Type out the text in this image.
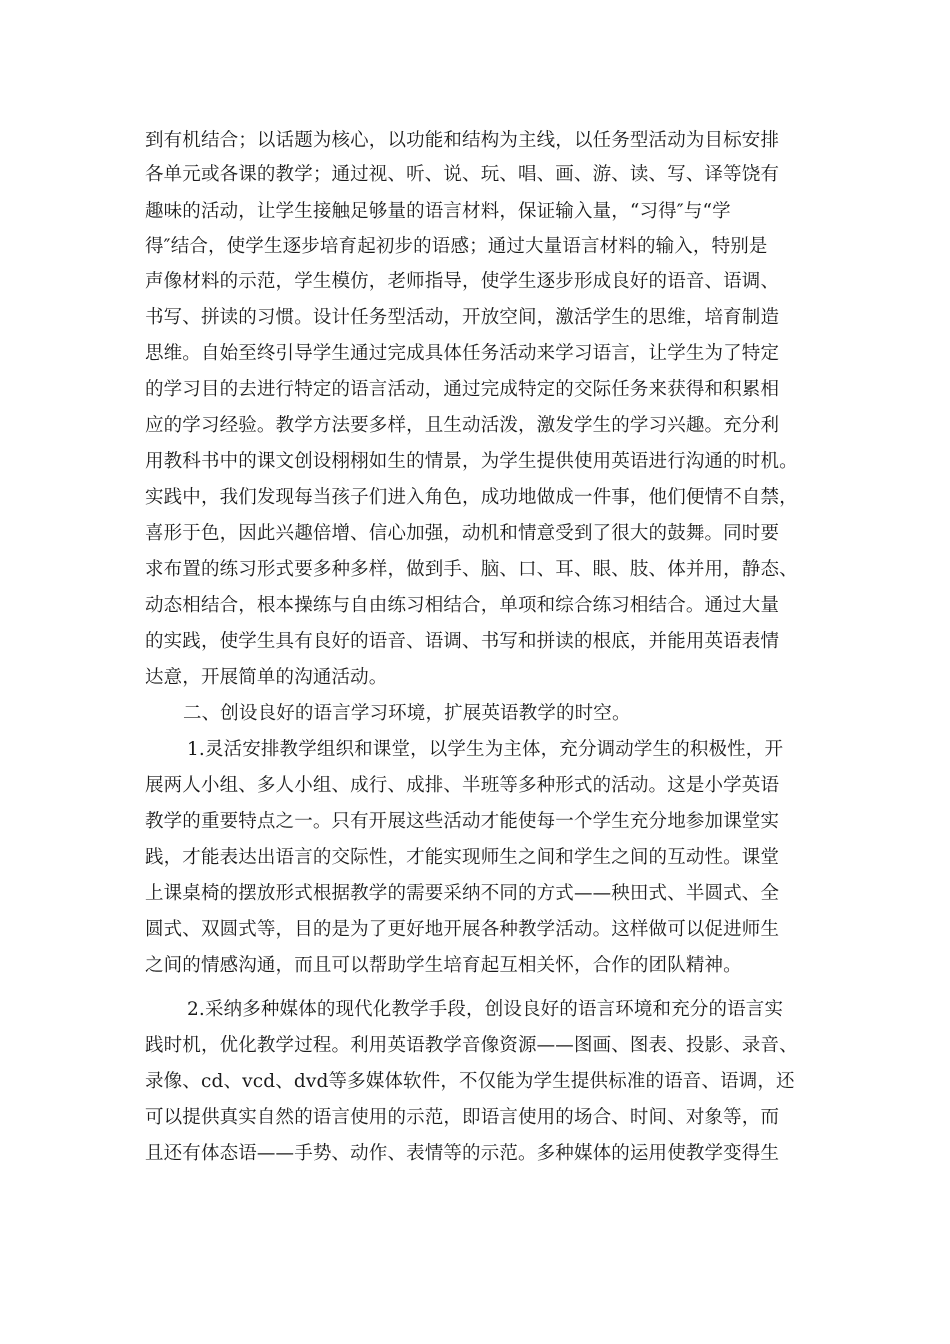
到有机结合；以话题为核心，以功能和结构为主线，以任务型活动为目标安排
各单元或各课的教学；通过视、听、说、玩、唱、画、游、读、写、译等饶有
趣味的活动，让学生接触足够量的语言材料，保证输入量，“习得″与“学
得″结合，使学生逐步培育起初步的语感；通过大量语言材料的输入，特别是
声像材料的示范，学生模仿，老师指导，使学生逐步形成良好的语音、语调、
书写、拼读的习惯。设计任务型活动，开放空间，激活学生的思维，培育制造
思维。自始至终引导学生通过完成具体任务活动来学习语言，让学生为了特定
的学习目的去进行特定的语言活动，通过完成特定的交际任务来获得和积累相
应的学习经验。教学方法要多样，且生动活泼，激发学生的学习兴趣。充分利
用教科书中的课文创设栩栩如生的情景，为学生提供使用英语进行沟通的时机。
实践中，我们发现每当孩子们进入角色，成功地做成一件事，他们便情不自禁，
喜形于色，因此兴趣倍增、信心加强，动机和情意受到了很大的鼓舞。同时要
求布置的练习形式要多种多样，做到手、脑、口、耳、眼、肢、体并用，静态、
动态相结合，根本操练与自由练习相结合，单项和综合练习相结合。通过大量
的实践，使学生具有良好的语音、语调、书写和拼读的根底，并能用英语表情
达意，开展简单的沟通活动。
二、创设良好的语言学习环境，扩展英语教学的时空。
1.灵活安排教学组织和课堂，以学生为主体，充分调动学生的积极性，开
展两人小组、多人小组、成行、成排、半班等多种形式的活动。这是小学英语
教学的重要特点之一。只有开展这些活动才能使每一个学生充分地参加课堂实
践，才能表达出语言的交际性，才能实现师生之间和学生之间的互动性。课堂
上课桌椅的摆放形式根据教学的需要采纳不同的方式——秧田式、半圆式、全
圆式、双圆式等，目的是为了更好地开展各种教学活动。这样做可以促进师生
之间的情感沟通，而且可以帮助学生培育起互相关怀，合作的团队精神。
2.采纳多种媒体的现代化教学手段，创设良好的语言环境和充分的语言实
践时机，优化教学过程。利用英语教学音像资源——图画、图表、投影、录音、
录像、cd、vcd、dvd等多媒体软件，不仅能为学生提供标准的语音、语调，还
可以提供真实自然的语言使用的示范，即语言使用的场合、时间、对象等，而
且还有体态语——手势、动作、表情等的示范。多种媒体的运用使教学变得生
